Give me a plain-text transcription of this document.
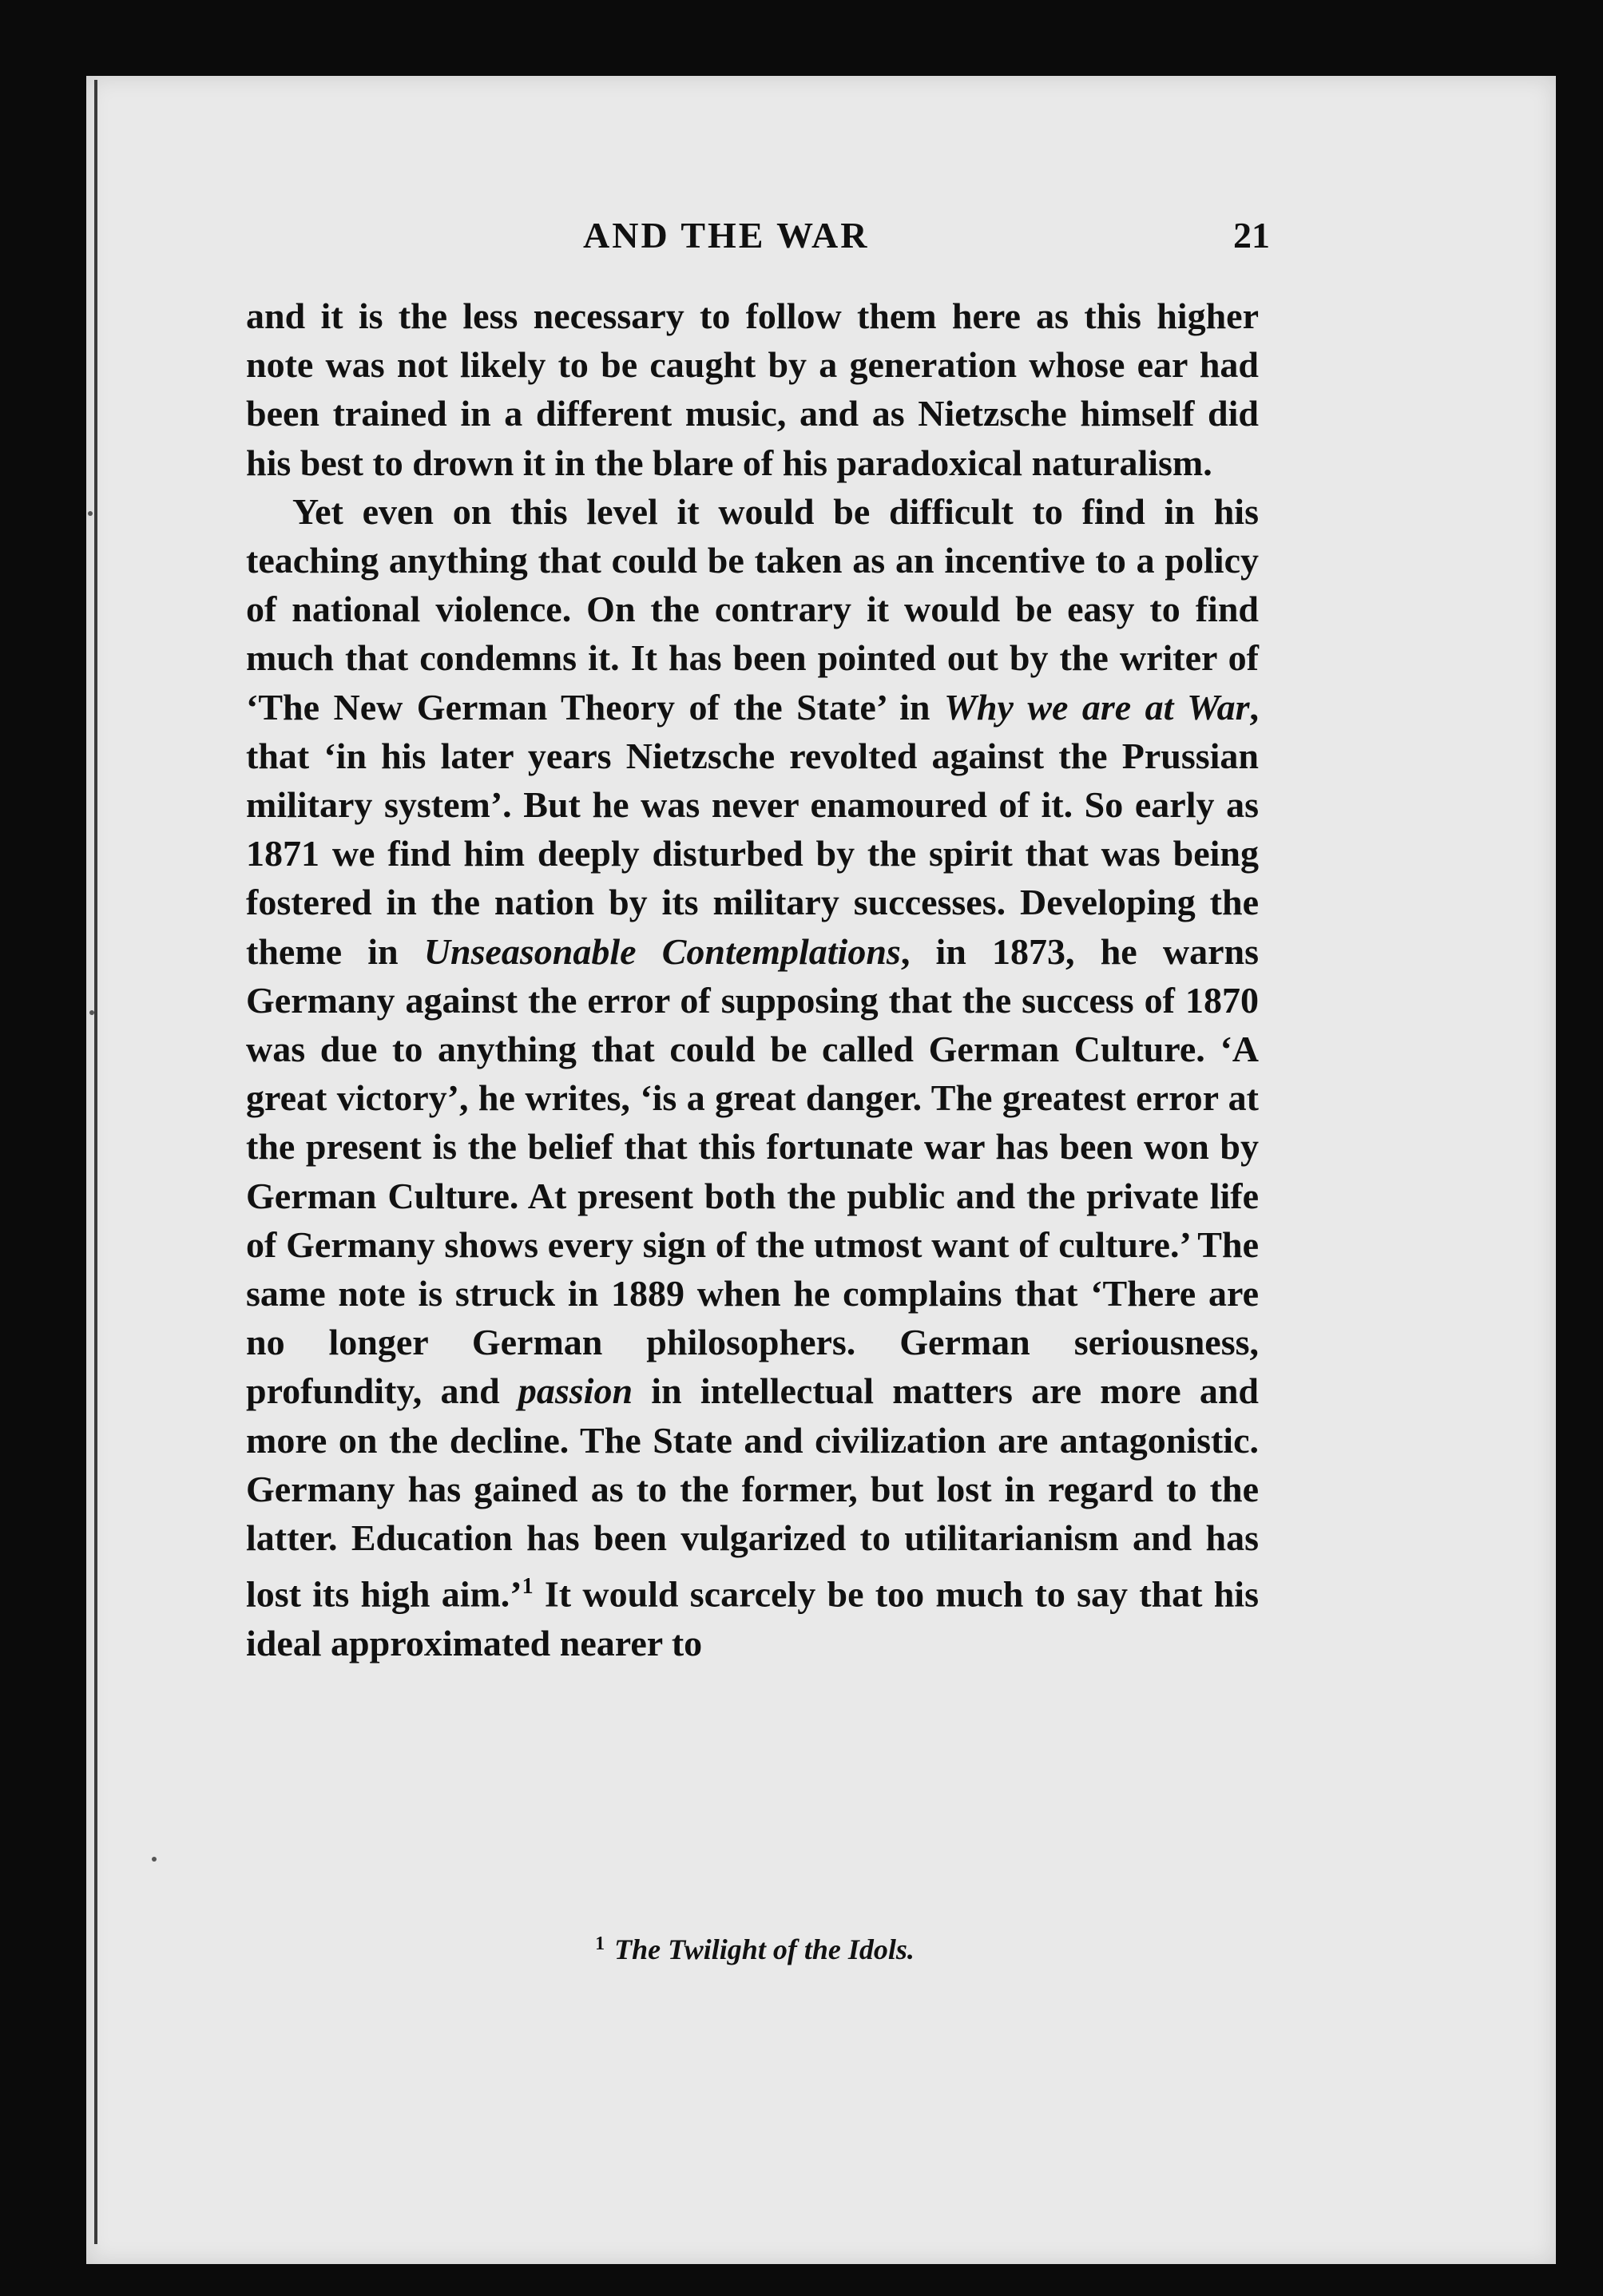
AND THE WAR	21

and it is the less necessary to follow them here as this higher note was not likely to be caught by a generation whose ear had been trained in a different music, and as Nietzsche himself did his best to drown it in the blare of his paradoxical naturalism.

Yet even on this level it would be difficult to find in his teaching anything that could be taken as an incentive to a policy of national violence. On the contrary it would be easy to find much that condemns it. It has been pointed out by the writer of ‘The New German Theory of the State’ in Why we are at War, that ‘in his later years Nietzsche revolted against the Prussian military system’. But he was never enamoured of it. So early as 1871 we find him deeply disturbed by the spirit that was being fostered in the nation by its military successes. Developing the theme in Unseasonable Contemplations, in 1873, he warns Germany against the error of supposing that the success of 1870 was due to anything that could be called German Culture. ‘A great victory’, he writes, ‘is a great danger. The greatest error at the present is the belief that this fortunate war has been won by German Culture. At present both the public and the private life of Germany shows every sign of the utmost want of culture.’ The same note is struck in 1889 when he complains that ‘There are no longer German philosophers. German seriousness, profundity, and passion in intellectual matters are more and more on the decline. The State and civilization are antagonistic. Germany has gained as to the former, but lost in regard to the latter. Education has been vulgarized to utilitarianism and has lost its high aim.’$^1$ It would scarcely be too much to say that his ideal approximated nearer to

$^1$ The Twilight of the Idols.
